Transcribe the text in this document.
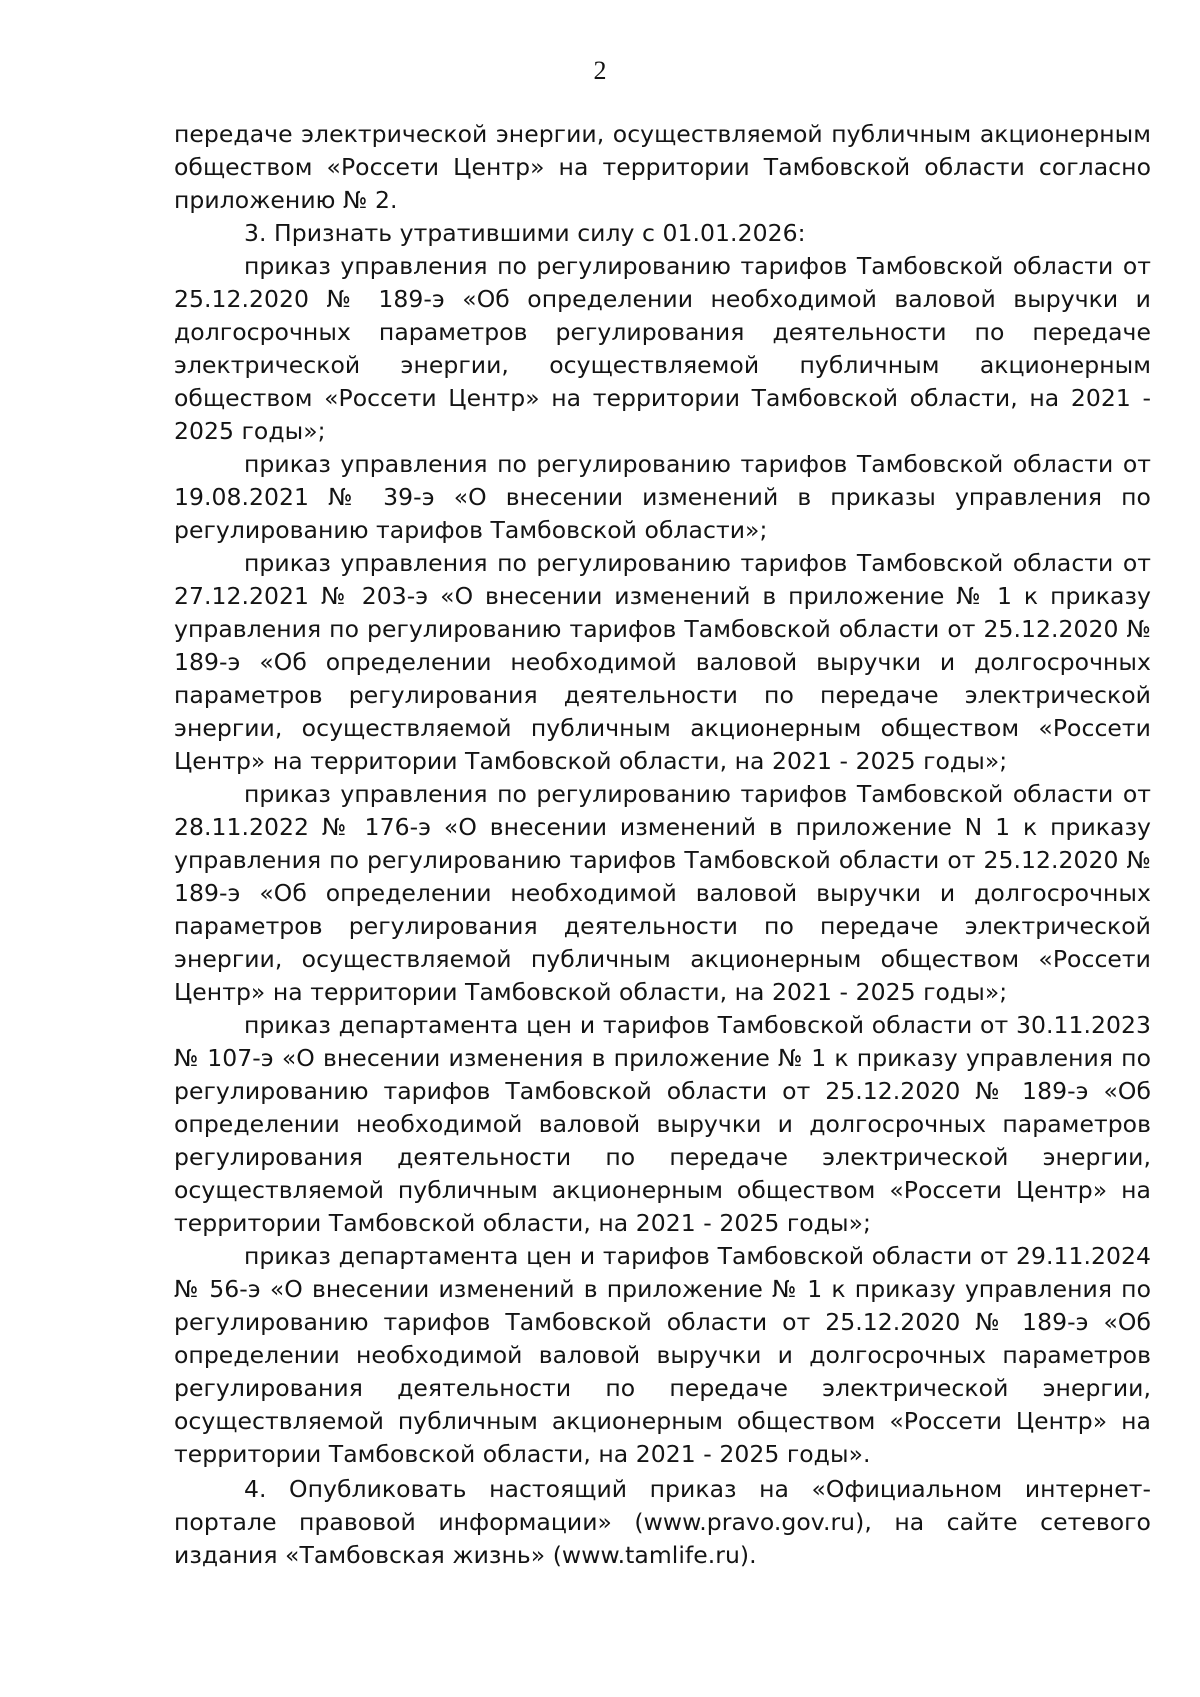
2

передаче электрической энергии, осуществляемой публичным акционерным обществом «Россети Центр» на территории Тамбовской области согласно приложению № 2.

3. Признать утратившими силу с 01.01.2026:

приказ управления по регулированию тарифов Тамбовской области от 25.12.2020 № 189-э «Об определении необходимой валовой выручки и долгосрочных параметров регулирования деятельности по передаче электрической энергии, осуществляемой публичным акционерным обществом «Россети Центр» на территории Тамбовской области, на 2021 - 2025 годы»;

приказ управления по регулированию тарифов Тамбовской области от 19.08.2021 № 39-э «О внесении изменений в приказы управления по регулированию тарифов Тамбовской области»;

приказ управления по регулированию тарифов Тамбовской области от 27.12.2021 № 203-э «О внесении изменений в приложение № 1 к приказу управления по регулированию тарифов Тамбовской области от 25.12.2020 № 189-э «Об определении необходимой валовой выручки и долгосрочных параметров регулирования деятельности по передаче электрической энергии, осуществляемой публичным акционерным обществом «Россети Центр» на территории Тамбовской области, на 2021 - 2025 годы»;

приказ управления по регулированию тарифов Тамбовской области от 28.11.2022 № 176-э «О внесении изменений в приложение N 1 к приказу управления по регулированию тарифов Тамбовской области от 25.12.2020 № 189-э «Об определении необходимой валовой выручки и долгосрочных параметров регулирования деятельности по передаче электрической энергии, осуществляемой публичным акционерным обществом «Россети Центр» на территории Тамбовской области, на 2021 - 2025 годы»;

приказ департамента цен и тарифов Тамбовской области от 30.11.2023 № 107-э «О внесении изменения в приложение № 1 к приказу управления по регулированию тарифов Тамбовской области от 25.12.2020 № 189-э «Об определении необходимой валовой выручки и долгосрочных параметров регулирования деятельности по передаче электрической энергии, осуществляемой публичным акционерным обществом «Россети Центр» на территории Тамбовской области, на 2021 - 2025 годы»;

приказ департамента цен и тарифов Тамбовской области от 29.11.2024 № 56-э «О внесении изменений в приложение № 1 к приказу управления по регулированию тарифов Тамбовской области от 25.12.2020 № 189-э «Об определении необходимой валовой выручки и долгосрочных параметров регулирования деятельности по передаче электрической энергии, осуществляемой публичным акционерным обществом «Россети Центр» на территории Тамбовской области, на 2021 - 2025 годы».

4. Опубликовать настоящий приказ на «Официальном интернет-портале правовой информации» (www.pravo.gov.ru), на сайте сетевого издания «Тамбовская жизнь» (www.tamlife.ru).
